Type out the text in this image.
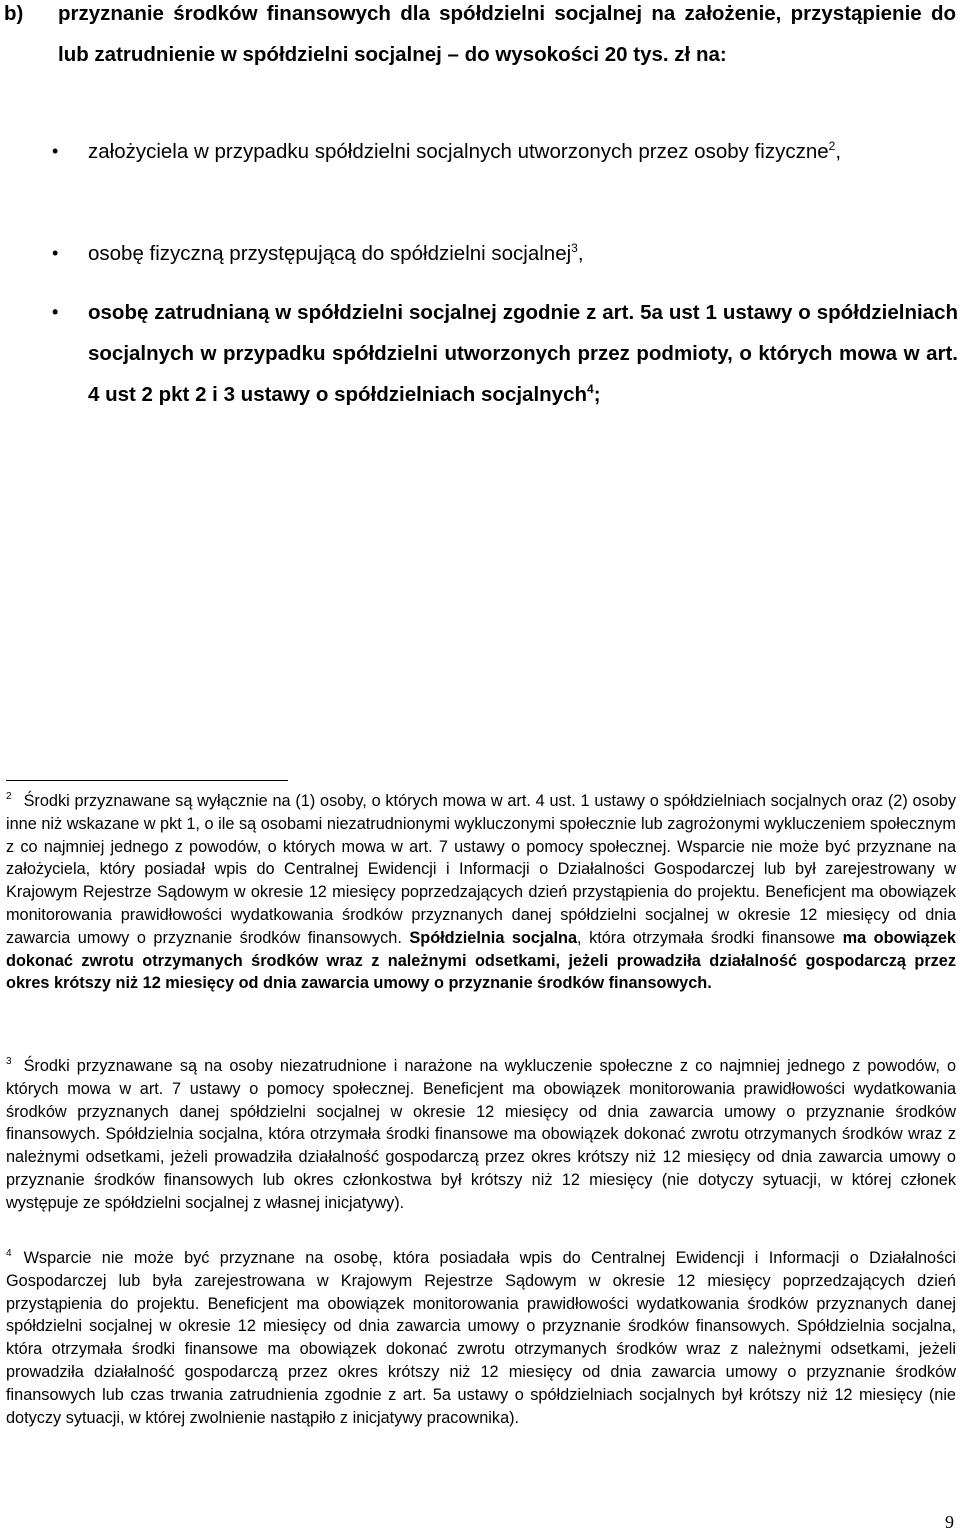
b)	przyznanie środków finansowych dla spółdzielni socjalnej na założenie, przystąpienie do lub zatrudnienie w spółdzielni socjalnej – do wysokości 20 tys. zł na:
•	założyciela w przypadku spółdzielni socjalnych utworzonych przez osoby fizyczne$^2$,
•	osobę fizyczną przystępującą do spółdzielni socjalnej$^3$,
•	osobę zatrudnianą w spółdzielni socjalnej zgodnie z art. 5a ust 1 ustawy o spółdzielniach socjalnych w przypadku spółdzielni utworzonych przez podmioty, o których mowa w art. 4 ust 2 pkt 2 i 3 ustawy o spółdzielniach socjalnych$^4$;

$^2$ Środki przyznawane są wyłącznie na (1) osoby, o których mowa w art. 4 ust. 1 ustawy o spółdzielniach socjalnych oraz (2) osoby inne niż wskazane w pkt 1, o ile są osobami niezatrudnionymi wykluczonymi społecznie lub zagrożonymi wykluczeniem społecznym z co najmniej jednego z powodów, o których mowa w art. 7 ustawy o pomocy społecznej. Wsparcie nie może być przyznane na założyciela, który posiadał wpis do Centralnej Ewidencji i Informacji o Działalności Gospodarczej lub był zarejestrowany w Krajowym Rejestrze Sądowym w okresie 12 miesięcy poprzedzających dzień przystąpienia do projektu. Beneficjent ma obowiązek monitorowania prawidłowości wydatkowania środków przyznanych danej spółdzielni socjalnej w okresie 12 miesięcy od dnia zawarcia umowy o przyznanie środków finansowych. Spółdzielnia socjalna, która otrzymała środki finansowe ma obowiązek dokonać zwrotu otrzymanych środków wraz z należnymi odsetkami, jeżeli prowadziła działalność gospodarczą przez okres krótszy niż 12 miesięcy od dnia zawarcia umowy o przyznanie środków finansowych.

$^3$ Środki przyznawane są na osoby niezatrudnione i narażone na wykluczenie społeczne z co najmniej jednego z powodów, o których mowa w art. 7 ustawy o pomocy społecznej. Beneficjent ma obowiązek monitorowania prawidłowości wydatkowania środków przyznanych danej spółdzielni socjalnej w okresie 12 miesięcy od dnia zawarcia umowy o przyznanie środków finansowych. Spółdzielnia socjalna, która otrzymała środki finansowe ma obowiązek dokonać zwrotu otrzymanych środków wraz z należnymi odsetkami, jeżeli prowadziła działalność gospodarczą przez okres krótszy niż 12 miesięcy od dnia zawarcia umowy o przyznanie środków finansowych lub okres członkostwa był krótszy niż 12 miesięcy (nie dotyczy sytuacji, w której członek występuje ze spółdzielni socjalnej z własnej inicjatywy).

$^4$ Wsparcie nie może być przyznane na osobę, która posiadała wpis do Centralnej Ewidencji i Informacji o Działalności Gospodarczej lub była zarejestrowana w Krajowym Rejestrze Sądowym w okresie 12 miesięcy poprzedzających dzień przystąpienia do projektu. Beneficjent ma obowiązek monitorowania prawidłowości wydatkowania środków przyznanych danej spółdzielni socjalnej w okresie 12 miesięcy od dnia zawarcia umowy o przyznanie środków finansowych. Spółdzielnia socjalna, która otrzymała środki finansowe ma obowiązek dokonać zwrotu otrzymanych środków wraz z należnymi odsetkami, jeżeli prowadziła działalność gospodarczą przez okres krótszy niż 12 miesięcy od dnia zawarcia umowy o przyznanie środków finansowych lub czas trwania zatrudnienia zgodnie z art. 5a ustawy o spółdzielniach socjalnych był krótszy niż 12 miesięcy (nie dotyczy sytuacji, w której zwolnienie nastąpiło z inicjatywy pracownika).

9
